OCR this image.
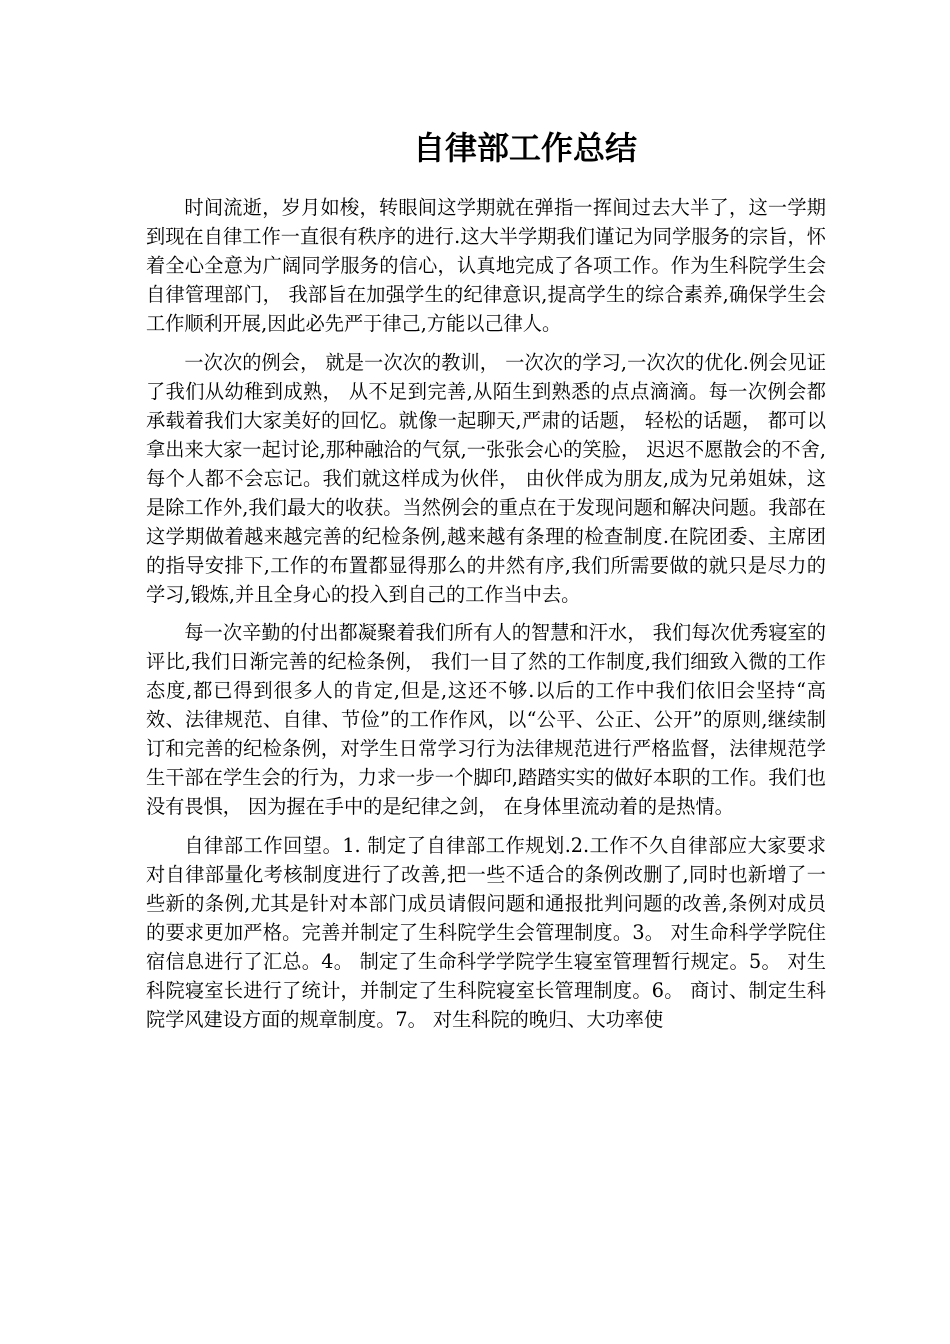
自律部工作总结

时间流逝，岁月如梭，转眼间这学期就在弹指一挥间过去大半了，这一学期到现在自律工作一直很有秩序的进行.这大半学期我们谨记为同学服务的宗旨，怀着全心全意为广阔同学服务的信心，认真地完成了各项工作。作为生科院学生会自律管理部门， 我部旨在加强学生的纪律意识,提高学生的综合素养,确保学生会工作顺利开展,因此必先严于律己,方能以己律人。

一次次的例会， 就是一次次的教训， 一次次的学习,一次次的优化.例会见证了我们从幼稚到成熟， 从不足到完善,从陌生到熟悉的点点滴滴。每一次例会都承载着我们大家美好的回忆。就像一起聊天,严肃的话题， 轻松的话题， 都可以拿出来大家一起讨论,那种融洽的气氛,一张张会心的笑脸， 迟迟不愿散会的不舍,每个人都不会忘记。我们就这样成为伙伴， 由伙伴成为朋友,成为兄弟姐妹，这是除工作外,我们最大的收获。当然例会的重点在于发现问题和解决问题。我部在这学期做着越来越完善的纪检条例,越来越有条理的检查制度.在院团委、主席团的指导安排下,工作的布置都显得那么的井然有序,我们所需要做的就只是尽力的学习,锻炼,并且全身心的投入到自己的工作当中去。

每一次辛勤的付出都凝聚着我们所有人的智慧和汗水， 我们每次优秀寝室的评比,我们日渐完善的纪检条例， 我们一目了然的工作制度,我们细致入微的工作态度,都已得到很多人的肯定,但是,这还不够.以后的工作中我们依旧会坚持“高效、法律规范、自律、节俭”的工作作风，以“公平、公正、公开”的原则,继续制订和完善的纪检条例，对学生日常学习行为法律规范进行严格监督，法律规范学生干部在学生会的行为，力求一步一个脚印,踏踏实实的做好本职的工作。我们也没有畏惧， 因为握在手中的是纪律之剑， 在身体里流动着的是热情。

自律部工作回望。1. 制定了自律部工作规划.2.工作不久自律部应大家要求对自律部量化考核制度进行了改善,把一些不适合的条例改删了,同时也新增了一些新的条例,尤其是针对本部门成员请假问题和通报批判问题的改善,条例对成员的要求更加严格。完善并制定了生科院学生会管理制度。3。 对生命科学学院住宿信息进行了汇总。4。 制定了生命科学学院学生寝室管理暂行规定。5。 对生科院寝室长进行了统计，并制定了生科院寝室长管理制度。6。 商讨、制定生科院学风建设方面的规章制度。7。 对生科院的晚归、大功率使
